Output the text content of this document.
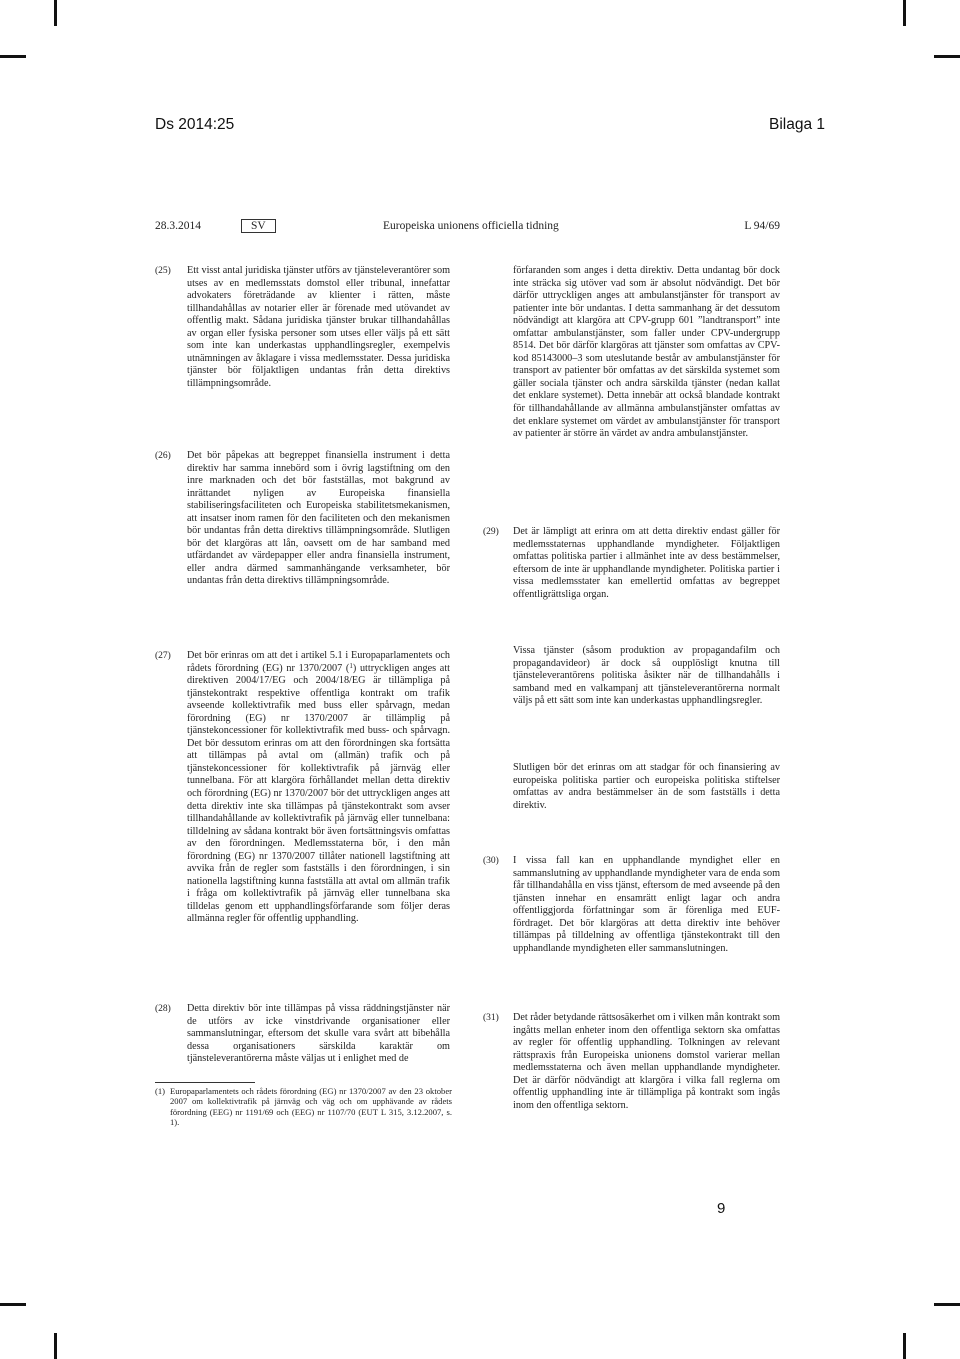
Ds 2014:25	Bilaga 1
28.3.2014	SV	Europeiska unionens officiella tidning	L 94/69
(25) Ett visst antal juridiska tjänster utförs av tjänsteleverantörer som utses av en medlemsstats domstol eller tribunal, innefattar advokaters företrädande av klienter i rätten, måste tillhandahållas av notarier eller är förenade med utövandet av offentlig makt. Sådana juridiska tjänster brukar tillhandahållas av organ eller fysiska personer som utses eller väljs på ett sätt som inte kan underkastas upphandlingsregler, exempelvis utnämningen av åklagare i vissa medlemsstater. Dessa juridiska tjänster bör följaktligen undantas från detta direktivs tillämpningsområde.
(26) Det bör påpekas att begreppet finansiella instrument i detta direktiv har samma innebörd som i övrig lagstiftning om den inre marknaden och det bör fastställas, mot bakgrund av inrättandet nyligen av Europeiska finansiella stabiliseringsfaciliteten och Europeiska stabilitetsmekanismen, att insatser inom ramen för den faciliteten och den mekanismen bör undantas från detta direktivs tillämpningsområde. Slutligen bör det klargöras att lån, oavsett om de har samband med utfärdandet av värdepapper eller andra finansiella instrument, eller andra därmed sammanhängande verksamheter, bör undantas från detta direktivs tillämpningsområde.
förfaranden som anges i detta direktiv. Detta undantag bör dock inte sträcka sig utöver vad som är absolut nödvändigt. Det bör därför uttryckligen anges att ambulanstjänster för transport av patienter inte bör undantas. I detta sammanhang är det dessutom nödvändigt att klargöra att CPV-grupp 601 ”landtransport” inte omfattar ambulanstjänster, som faller under CPV-undergrupp 8514. Det bör därför klargöras att tjänster som omfattas av CPV-kod 85143000–3 som uteslutande består av ambulanstjänster för transport av patienter bör omfattas av det särskilda systemet som gäller sociala tjänster och andra särskilda tjänster (nedan kallat det enklare systemet). Detta innebär att också blandade kontrakt för tillhandahållande av allmänna ambulanstjänster omfattas av det enklare systemet om värdet av ambulanstjänster för transport av patienter är större än värdet av andra ambulanstjänster.
(29) Det är lämpligt att erinra om att detta direktiv endast gäller för medlemsstaternas upphandlande myndigheter. Följaktligen omfattas politiska partier i allmänhet inte av dess bestämmelser, eftersom de inte är upphandlande myndigheter. Politiska partier i vissa medlemsstater kan emellertid omfattas av begreppet offentligrättsliga organ.
(27) Det bör erinras om att det i artikel 5.1 i Europaparlamentets och rådets förordning (EG) nr 1370/2007 ($^1$) uttryckligen anges att direktiven 2004/17/EG och 2004/18/EG är tillämpliga på tjänstekontrakt respektive offentliga kontrakt om trafik avseende kollektivtrafik med buss eller spårvagn, medan förordning (EG) nr 1370/2007 är tillämplig på tjänstekoncessioner för kollektivtrafik med buss- och spårvagn. Det bör dessutom erinras om att den förordningen ska fortsätta att tillämpas på avtal om (allmän) trafik och på tjänstekoncessioner för kollektivtrafik på järnväg eller tunnelbana. För att klargöra förhållandet mellan detta direktiv och förordning (EG) nr 1370/2007 bör det uttryckligen anges att detta direktiv inte ska tillämpas på tjänstekontrakt som avser tillhandahållande av kollektivtrafik på järnväg eller tunnelbana: tilldelning av sådana kontrakt bör även fortsättningsvis omfattas av den förordningen. Medlemsstaterna bör, i den mån förordning (EG) nr 1370/2007 tillåter nationell lagstiftning att avvika från de regler som fastställs i den förordningen, i sin nationella lagstiftning kunna fastställa att avtal om allmän trafik i fråga om kollektivtrafik på järnväg eller tunnelbana ska tilldelas genom ett upphandlingsförfarande som följer deras allmänna regler för offentlig upphandling.
(28) Detta direktiv bör inte tillämpas på vissa räddningstjänster när de utförs av icke vinstdrivande organisationer eller sammanslutningar, eftersom det skulle vara svårt att bibehålla dessa organisationers särskilda karaktär om tjänsteleverantörerna måste väljas ut i enlighet med de
(1) Europaparlamentets och rådets förordning (EG) nr 1370/2007 av den 23 oktober 2007 om kollektivtrafik på järnväg och väg och om upphävande av rådets förordning (EEG) nr 1191/69 och (EEG) nr 1107/70 (EUT L 315, 3.12.2007, s. 1).
Vissa tjänster (såsom produktion av propagandafilm och propagandavideor) är dock så oupplösligt knutna till tjänsteleverantörens politiska åsikter när de tillhandahålls i samband med en valkampanj att tjänsteleverantörerna normalt väljs på ett sätt som inte kan underkastas upphandlingsregler.
Slutligen bör det erinras om att stadgar för och finansiering av europeiska politiska partier och europeiska politiska stiftelser omfattas av andra bestämmelser än de som fastställs i detta direktiv.
(30) I vissa fall kan en upphandlande myndighet eller en sammanslutning av upphandlande myndigheter vara de enda som får tillhandahålla en viss tjänst, eftersom de med avseende på den tjänsten innehar en ensamrätt enligt lagar och andra offentliggjorda författningar som är förenliga med EUF-fördraget. Det bör klargöras att detta direktiv inte behöver tillämpas på tilldelning av offentliga tjänstekontrakt till den upphandlande myndigheten eller sammanslutningen.
(31) Det råder betydande rättsosäkerhet om i vilken mån kontrakt som ingåtts mellan enheter inom den offentliga sektorn ska omfattas av regler för offentlig upphandling. Tolkningen av relevant rättspraxis från Europeiska unionens domstol varierar mellan medlemsstaterna och även mellan upphandlande myndigheter. Det är därför nödvändigt att klargöra i vilka fall reglerna om offentlig upphandling inte är tillämpliga på kontrakt som ingås inom den offentliga sektorn.
9
